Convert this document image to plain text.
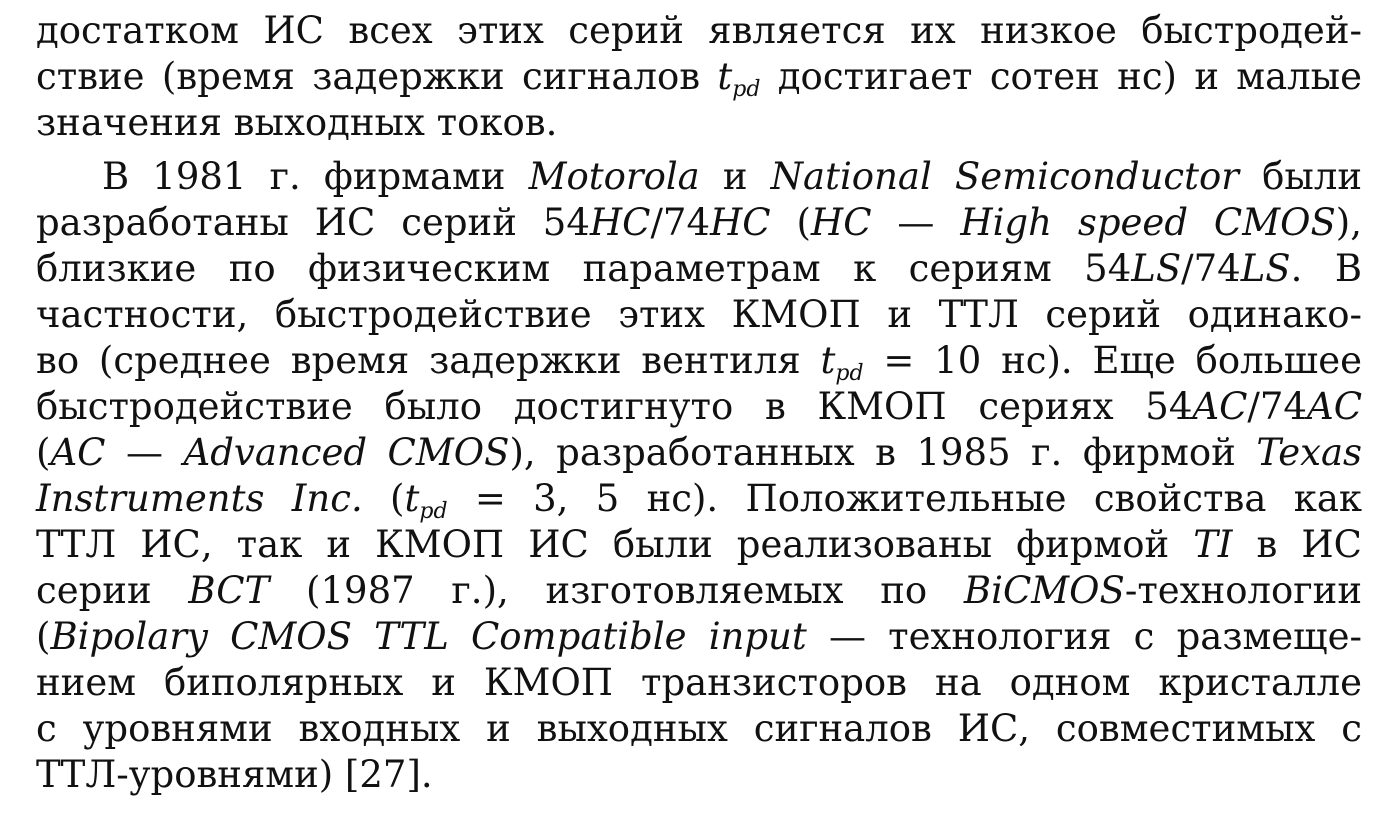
достатком ИС всех этих серий является их низкое быстродей-
ствие (время задержки сигналов $t_{pd}$ достигает сотен нс) и малые
значения выходных токов.
В 1981 г. фирмами Motorola и National Semiconductor были
разработаны ИС серий 54HC/74HC (HC — High speed CMOS),
близкие по физическим параметрам к сериям 54LS/74LS. В
частности, быстродействие этих КМОП и ТТЛ серий одинако-
во (среднее время задержки вентиля $t_{pd} = 10$ нс). Еще большее
быстродействие было достигнуто в КМОП сериях 54AC/74AC
(AC — Advanced CMOS), разработанных в 1985 г. фирмой Texas
Instruments Inc. ($t_{pd} = 3$, 5 нс). Положительные свойства как
ТТЛ ИС, так и КМОП ИС были реализованы фирмой TI в ИС
серии BCT (1987 г.), изготовляемых по BiCMOS-технологии
(Bipolary CMOS TTL Compatible input — технология с размеще-
нием биполярных и КМОП транзисторов на одном кристалле
с уровнями входных и выходных сигналов ИС, совместимых с
ТТЛ-уровнями) [27].
